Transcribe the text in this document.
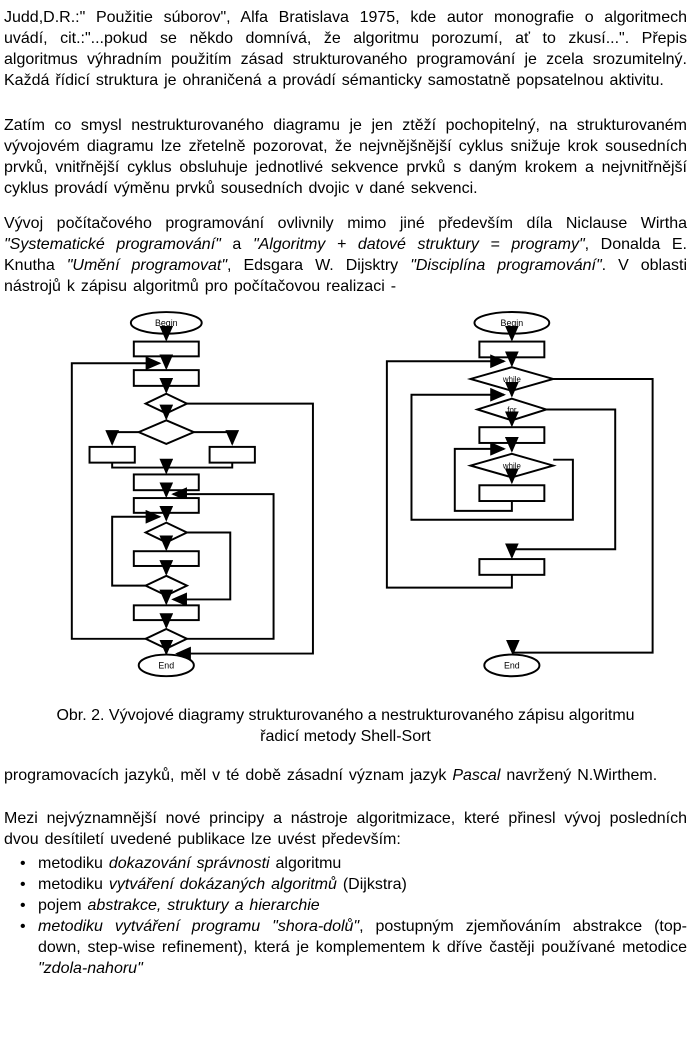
Judd,D.R.:" Použitie súborov", Alfa Bratislava 1975, kde autor monografie o algoritmech uvádí, cit.:"...pokud se někdo domnívá, že algoritmu porozumí, ať to zkusí...". Přepis algoritmus výhradním použitím zásad strukturovaného programování je zcela srozumitelný. Každá řídicí struktura je ohraničená a provádí sémanticky samostatně popsatelnou aktivitu.

Zatím co smysl nestrukturovaného diagramu je jen ztěží pochopitelný, na strukturovaném vývojovém diagramu lze zřetelně pozorovat, že nejvnějšnější cyklus snižuje krok sousedních prvků, vnitřnější cyklus obsluhuje jednotlivé sekvence prvků s daným krokem a nejvnitřnější cyklus provádí výměnu prvků sousedních dvojic v dané sekvenci.

Vývoj počítačového programování ovlivnily mimo jiné především díla Niclause Wirtha "Systematické programování" a "Algoritmy + datové struktury = programy", Donalda E. Knutha "Umění programovat", Edsgara W. Dijsktry "Disciplína programování". V oblasti nástrojů k zápisu algoritmů pro počítačovou realizaci -

Begin
End
Begin
while
for
while
End
Obr. 2. Vývojové diagramy strukturovaného a nestrukturovaného zápisu algoritmu
řadicí metody Shell-Sort

programovacích jazyků, měl v té době zásadní význam jazyk Pascal navržený N.Wirthem.

Mezi nejvýznamnější nové principy a nástroje algoritmizace, které přinesl vývoj posledních dvou desítiletí uvedené publikace lze uvést především:

• metodiku dokazování správnosti algoritmu
• metodiku vytváření dokázaných algoritmů (Dijkstra)
• pojem abstrakce, struktury a hierarchie
• metodiku vytváření programu "shora-dolů", postupným zjemňováním abstrakce (top-down, step-wise refinement), která je komplementem k dříve častěji používané metodice "zdola-nahoru"
